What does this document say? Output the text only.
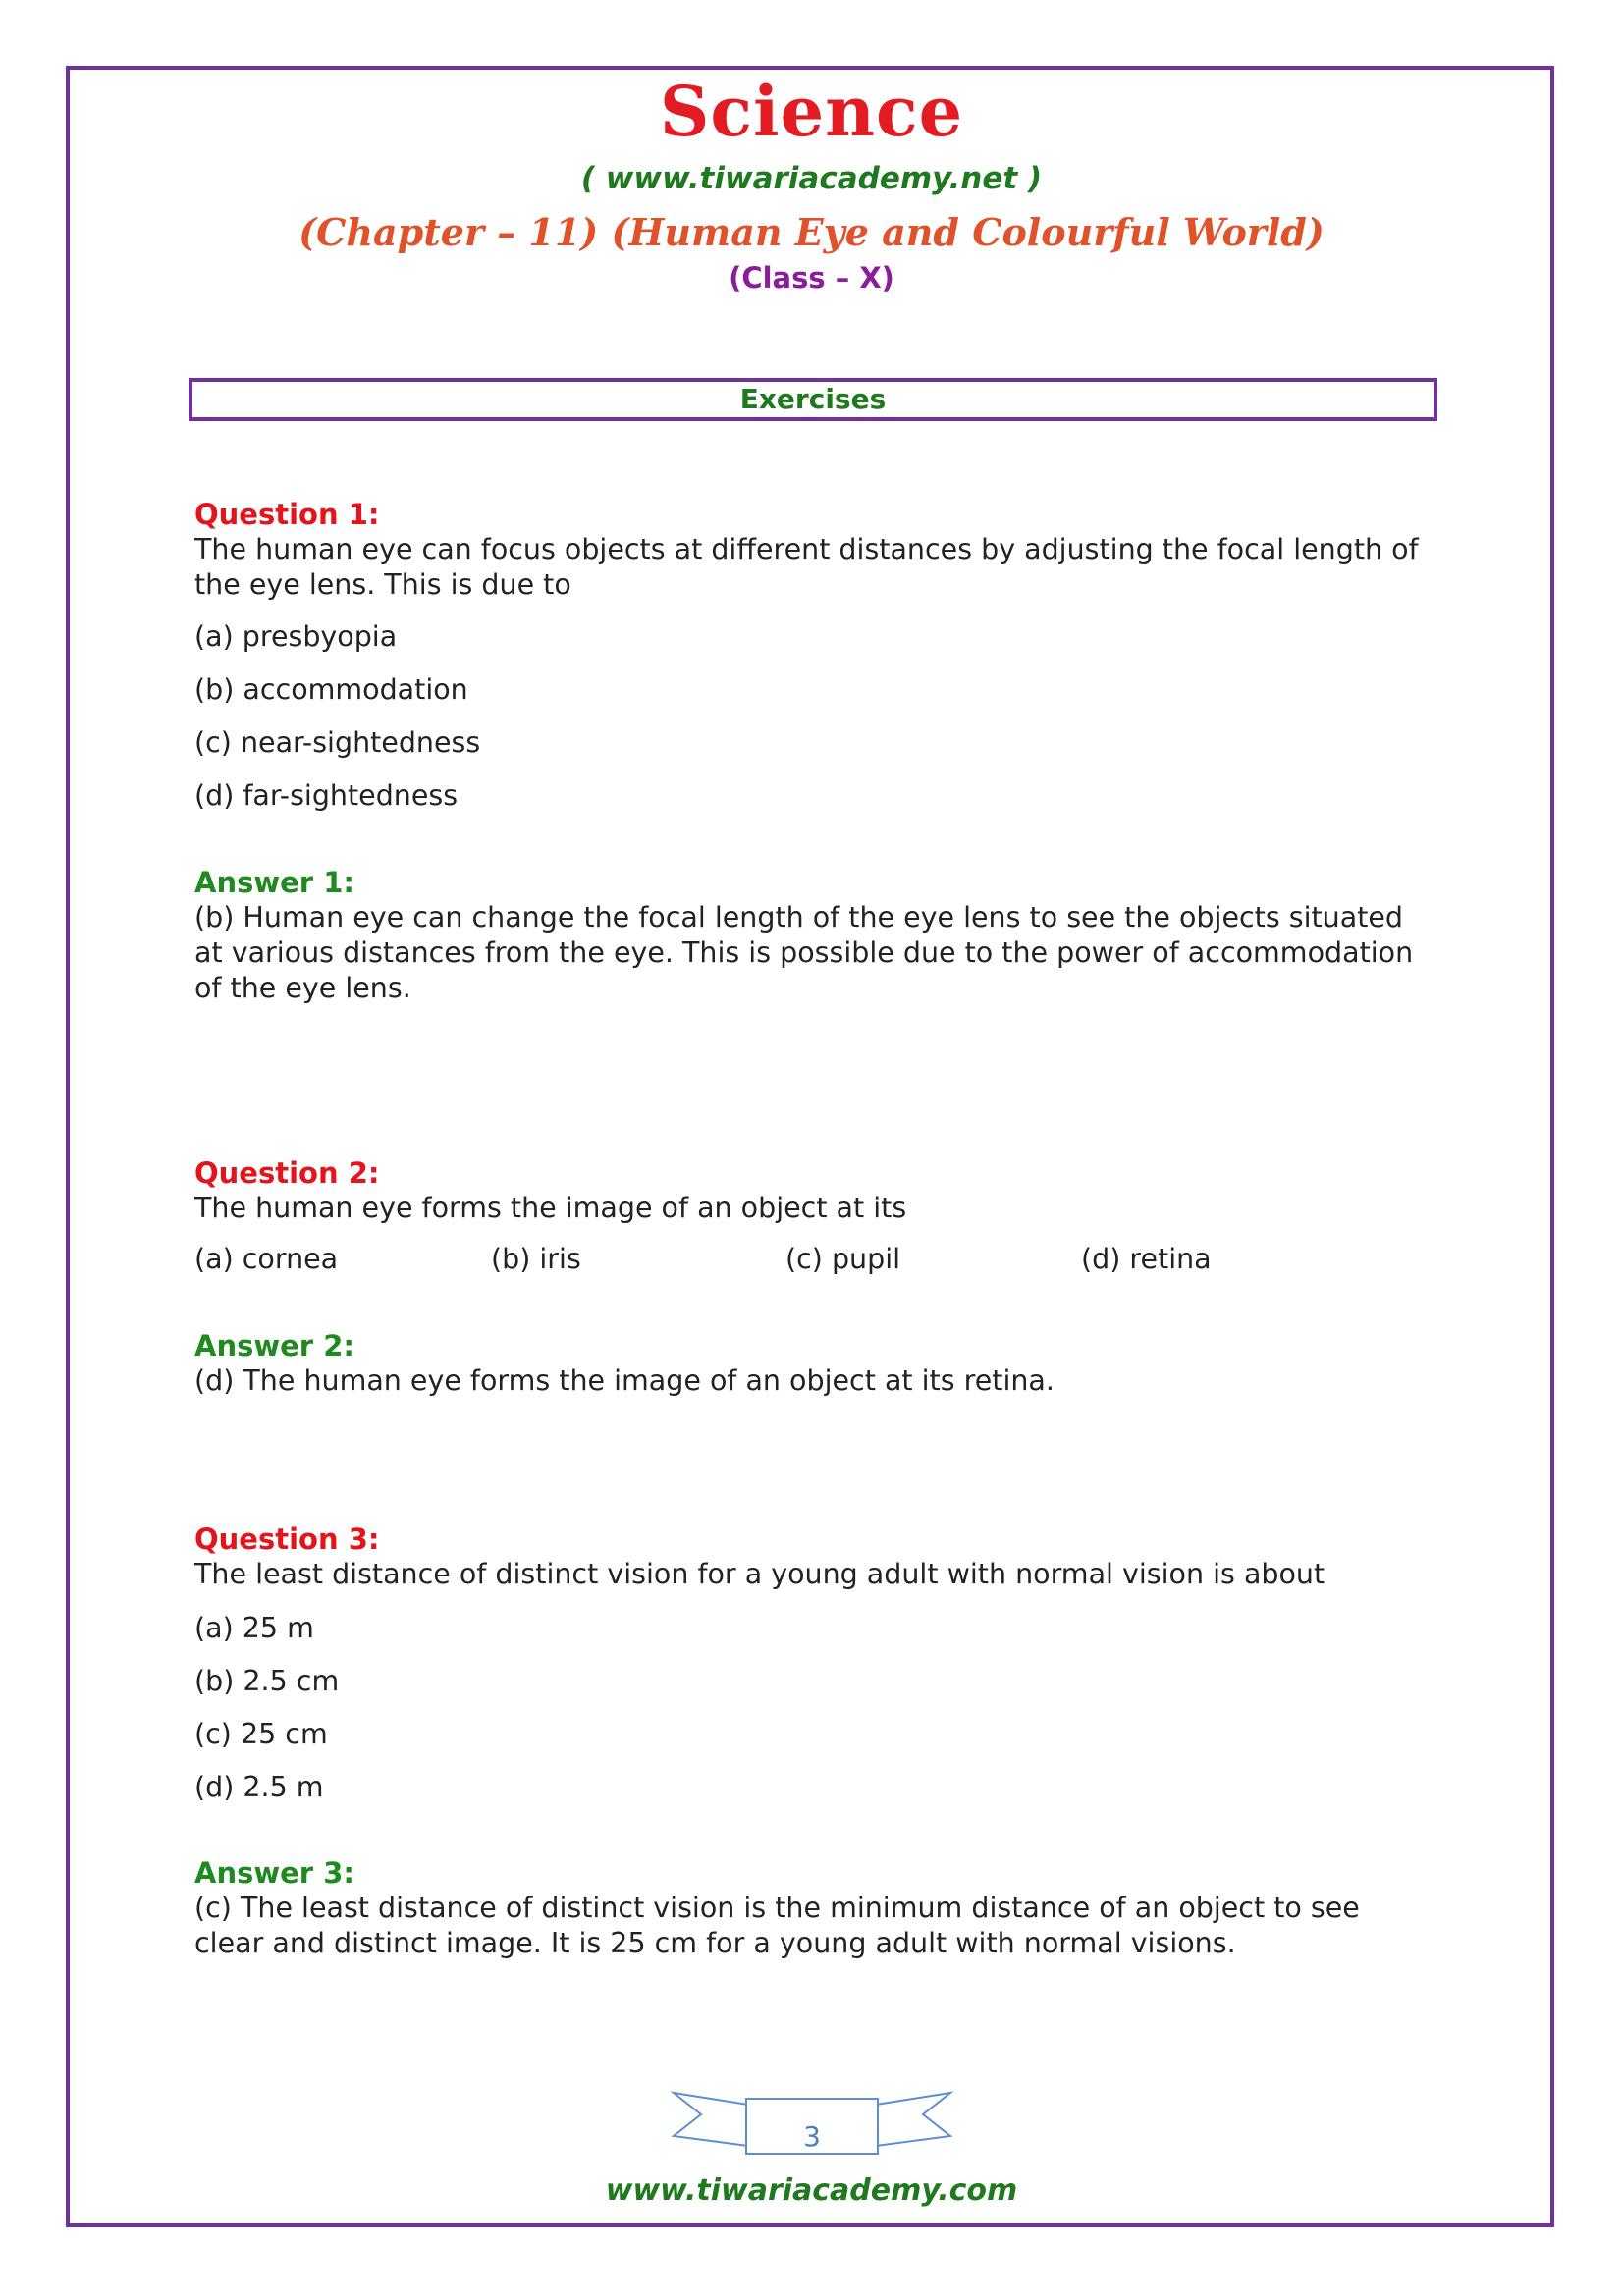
Science
( www.tiwariacademy.net )
(Chapter – 11) (Human Eye and Colourful World)
(Class – X)
Exercises
Question 1:
The human eye can focus objects at different distances by adjusting the focal length of the eye lens. This is due to
(a) presbyopia
(b) accommodation
(c) near-sightedness
(d) far-sightedness
Answer 1:
(b) Human eye can change the focal length of the eye lens to see the objects situated at various distances from the eye. This is possible due to the power of accommodation of the eye lens.
Question 2:
The human eye forms the image of an object at its
(a) cornea	(b) iris	(c) pupil	(d) retina
Answer 2:
(d) The human eye forms the image of an object at its retina.
Question 3:
The least distance of distinct vision for a young adult with normal vision is about
(a) 25 m
(b) 2.5 cm
(c) 25 cm
(d) 2.5 m
Answer 3:
(c) The least distance of distinct vision is the minimum distance of an object to see clear and distinct image. It is 25 cm for a young adult with normal visions.
3
www.tiwariacademy.com
